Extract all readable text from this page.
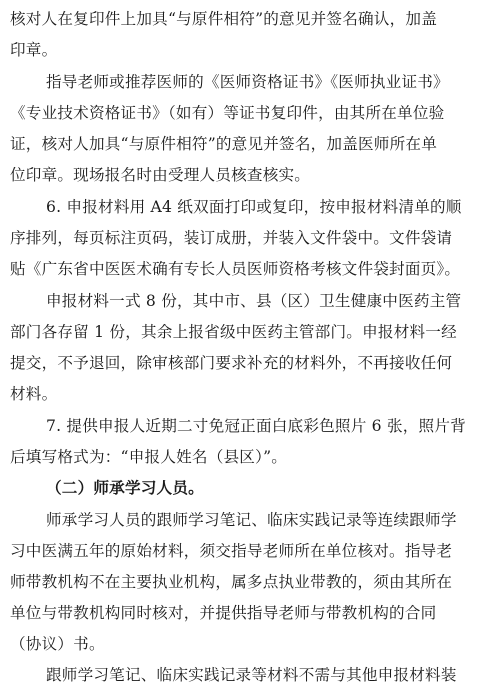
核对人在复印件上加具“与原件相符”的意见并签名确认，加盖
印章。
指导老师或推荐医师的《医师资格证书》《医师执业证书》
《专业技术资格证书》（如有）等证书复印件，由其所在单位验
证，核对人加具“与原件相符”的意见并签名，加盖医师所在单
位印章。现场报名时由受理人员核查核实。
6. 申报材料用 A4 纸双面打印或复印，按申报材料清单的顺
序排列，每页标注页码，装订成册，并装入文件袋中。文件袋请
贴《广东省中医医术确有专长人员医师资格考核文件袋封面页》。
申报材料一式 8 份，其中市、县（区）卫生健康中医药主管
部门各存留 1 份，其余上报省级中医药主管部门。申报材料一经
提交，不予退回，除审核部门要求补充的材料外，不再接收任何
材料。
7. 提供申报人近期二寸免冠正面白底彩色照片 6 张，照片背
后填写格式为：“申报人姓名（县区）”。
（二）师承学习人员。
师承学习人员的跟师学习笔记、临床实践记录等连续跟师学
习中医满五年的原始材料，须交指导老师所在单位核对。指导老
师带教机构不在主要执业机构，属多点执业带教的，须由其所在
单位与带教机构同时核对，并提供指导老师与带教机构的合同
（协议）书。
跟师学习笔记、临床实践记录等材料不需与其他申报材料装
